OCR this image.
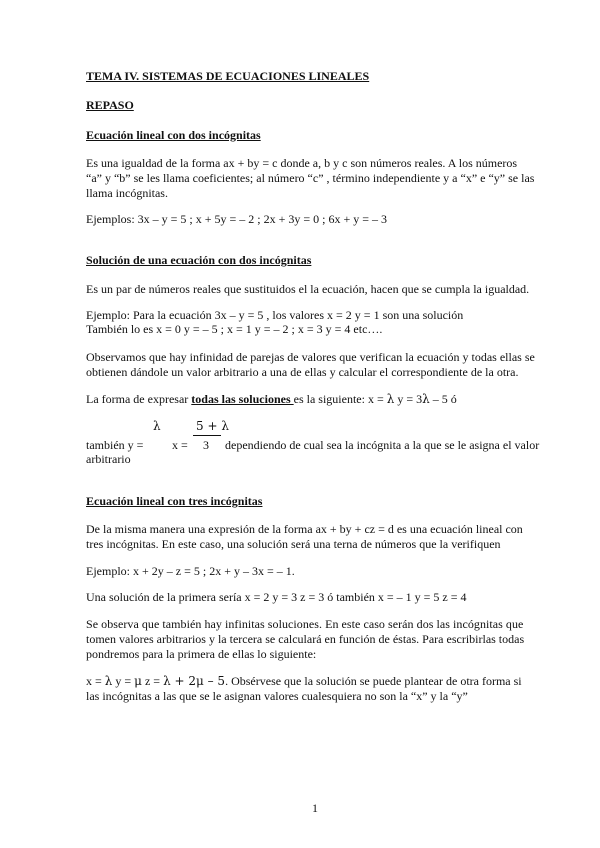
TEMA IV. SISTEMAS DE ECUACIONES LINEALES
REPASO
Ecuación lineal con dos incógnitas
Es una igualdad de la forma ax + by = c donde a, b y c son números reales. A los números
“a” y “b” se les llama coeficientes; al número “c” , término independiente y a “x” e “y” se las
llama incógnitas.
Ejemplos: 3x – y = 5 ; x + 5y = – 2 ; 2x + 3y = 0 ; 6x + y = – 3
Solución de una ecuación con dos incógnitas
Es un par de números reales que sustituidos el la ecuación, hacen que se cumpla la igualdad.
Ejemplo: Para la ecuación 3x – y = 5 , los valores x = 2 y = 1 son una solución
También lo es x = 0 y = – 5 ; x = 1 y = – 2 ; x = 3 y = 4 etc….
Observamos que hay infinidad de parejas de valores que verifican la ecuación y todas ellas se
obtienen dándole un valor arbitrario a una de ellas y calcular el correspondiente de la otra.
La forma de expresar todas las soluciones es la siguiente: x = λ y = 3λ – 5 ó
λ	5 + λ
también y = x = 3 dependiendo de cual sea la incógnita a la que se le asigna el valor
arbitrario
Ecuación lineal con tres incógnitas
De la misma manera una expresión de la forma ax + by + cz = d es una ecuación lineal con
tres incógnitas. En este caso, una solución será una terna de números que la verifiquen
Ejemplo: x + 2y – z = 5 ; 2x + y – 3x = – 1.
Una solución de la primera sería x = 2 y = 3 z = 3 ó también x = – 1 y = 5 z = 4
Se observa que también hay infinitas soluciones. En este caso serán dos las incógnitas que
tomen valores arbitrarios y la tercera se calculará en función de éstas. Para escribirlas todas
pondremos para la primera de ellas lo siguiente:
x = λ y = μ z = λ + 2μ – 5. Obsérvese que la solución se puede plantear de otra forma si
las incógnitas a las que se le asignan valores cualesquiera no son la “x” y la “y”
1
